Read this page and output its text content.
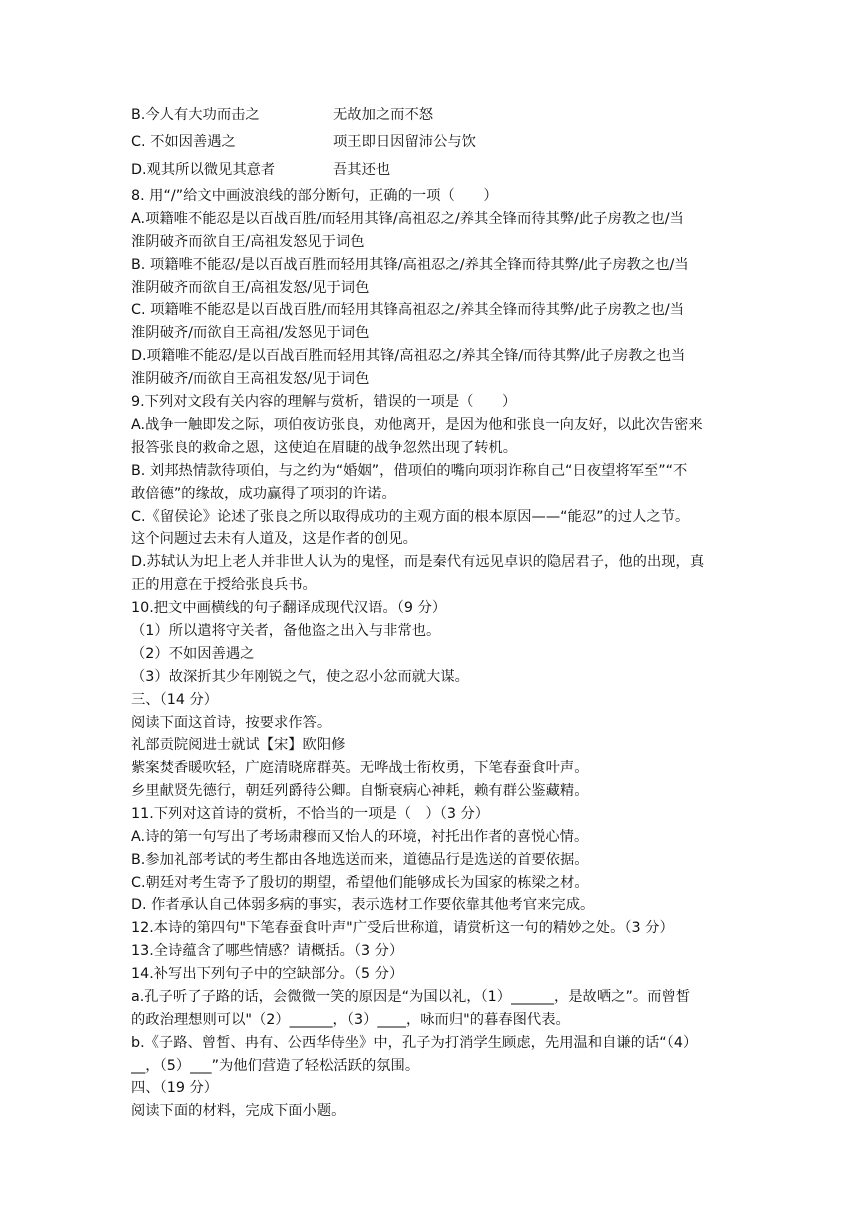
B.今人有大功而击之	无故加之而不怒
C. 不如因善遇之	项王即日因留沛公与饮
D.观其所以微见其意者	吾其还也
8. 用“/”给文中画波浪线的部分断句，正确的一项（　　）
A.项籍唯不能忍是以百战百胜/而轻用其锋/高祖忍之/养其全锋而待其弊/此子房教之也/当
淮阴破齐而欲自王/高祖发怒见于词色
B. 项籍唯不能忍/是以百战百胜而轻用其锋/高祖忍之/养其全锋而待其弊/此子房教之也/当
淮阴破齐而欲自王/高祖发怒/见于词色
C. 项籍唯不能忍是以百战百胜/而轻用其锋高祖忍之/养其全锋而待其弊/此子房教之也/当
淮阴破齐/而欲自王高祖/发怒见于词色
D.项籍唯不能忍/是以百战百胜而轻用其锋/高祖忍之/养其全锋/而待其弊/此子房教之也当
淮阴破齐/而欲自王高祖发怒/见于词色
9.下列对文段有关内容的理解与赏析，错误的一项是（　　）
A.战争一触即发之际，项伯夜访张良，劝他离开，是因为他和张良一向友好，以此次告密来
报答张良的救命之恩，这使迫在眉睫的战争忽然出现了转机。
B. 刘邦热情款待项伯，与之约为“婚姻”，借项伯的嘴向项羽诈称自己“日夜望将军至”“不
敢倍德”的缘故，成功赢得了项羽的许诺。
C.《留侯论》论述了张良之所以取得成功的主观方面的根本原因——“能忍”的过人之节。
这个问题过去未有人道及，这是作者的创见。
D.苏轼认为圯上老人并非世人认为的鬼怪，而是秦代有远见卓识的隐居君子，他的出现，真
正的用意在于授给张良兵书。
10.把文中画横线的句子翻译成现代汉语。（9 分）
（1）所以遣将守关者，备他盗之出入与非常也。
（2）不如因善遇之
（3）故深折其少年刚锐之气，使之忍小忿而就大谋。
三、（14 分）
阅读下面这首诗，按要求作答。
礼部贡院阅进士就试【宋】欧阳修
紫案焚香暖吹轻，广庭清晓席群英。无哗战士衔枚勇，下笔春蚕食叶声。
乡里献贤先德行，朝廷列爵待公卿。自惭衰病心神耗，赖有群公鉴藏精。
11.下列对这首诗的赏析，不恰当的一项是（　）（3 分）
A.诗的第一句写出了考场肃穆而又怡人的环境，衬托出作者的喜悦心情。
B.参加礼部考试的考生都由各地选送而来，道德品行是选送的首要依据。
C.朝廷对考生寄予了殷切的期望，希望他们能够成长为国家的栋梁之材。
D. 作者承认自己体弱多病的事实，表示选材工作要依靠其他考官来完成。
12.本诗的第四句"下笔春蚕食叶声"广受后世称道，请赏析这一句的精妙之处。（3 分）
13.全诗蕴含了哪些情感？请概括。（3 分）
14.补写出下列句子中的空缺部分。（5 分）
a.孔子听了子路的话，会微微一笑的原因是“为国以礼，（1）______，是故哂之”。而曾皙
的政治理想则可以"（2）______，（3）____，咏而归"的暮春图代表。
b.《子路、曾皙、冉有、公西华侍坐》中，孔子为打消学生顾虑，先用温和自谦的话“（4）
__，（5）___”为他们营造了轻松活跃的氛围。
四、（19 分）
阅读下面的材料，完成下面小题。
